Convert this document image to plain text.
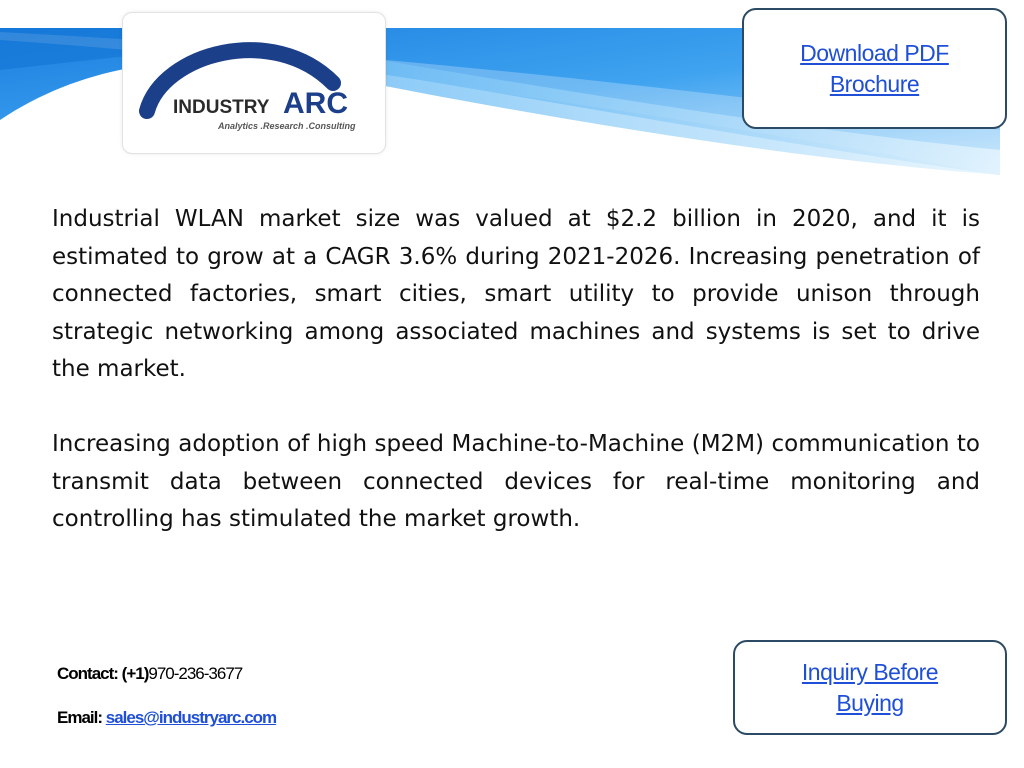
INDUSTRY ARC
Analytics .Research .Consulting
Download PDF
Brochure

Industrial WLAN market size was valued at $2.2 billion in 2020, and it is estimated to grow at a CAGR 3.6% during 2021-2026. Increasing penetration of connected factories, smart cities, smart utility to provide unison through strategic networking among associated machines and systems is set to drive the market.

Increasing adoption of high speed Machine-to-Machine (M2M) communication to transmit data between connected devices for real-time monitoring and controlling has stimulated the market growth.

Contact: (+1)970-236-3677
Email: sales@industryarc.com
Inquiry Before
Buying
